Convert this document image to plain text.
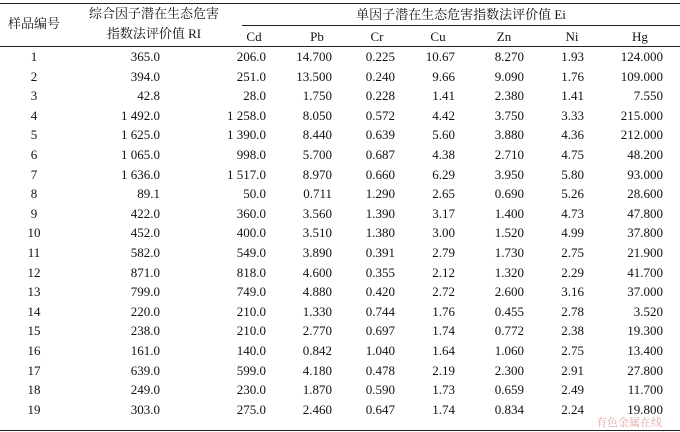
样品编号
综合因子潜在生态危害
指数法评价值 RI
单因子潜在生态危害指数法评价值 Ei
Cd	Pb	Cr	Cu	Zn	Ni	Hg
1	365.0	206.0	14.700	0.225	10.67	8.270	1.93	124.000
2	394.0	251.0	13.500	0.240	9.66	9.090	1.76	109.000
3	42.8	28.0	1.750	0.228	1.41	2.380	1.41	7.550
4	1 492.0	1 258.0	8.050	0.572	4.42	3.750	3.33	215.000
5	1 625.0	1 390.0	8.440	0.639	5.60	3.880	4.36	212.000
6	1 065.0	998.0	5.700	0.687	4.38	2.710	4.75	48.200
7	1 636.0	1 517.0	8.970	0.660	6.29	3.950	5.80	93.000
8	89.1	50.0	0.711	1.290	2.65	0.690	5.26	28.600
9	422.0	360.0	3.560	1.390	3.17	1.400	4.73	47.800
10	452.0	400.0	3.510	1.380	3.00	1.520	4.99	37.800
11	582.0	549.0	3.890	0.391	2.79	1.730	2.75	21.900
12	871.0	818.0	4.600	0.355	2.12	1.320	2.29	41.700
13	799.0	749.0	4.880	0.420	2.72	2.600	3.16	37.000
14	220.0	210.0	1.330	0.744	1.76	0.455	2.78	3.520
15	238.0	210.0	2.770	0.697	1.74	0.772	2.38	19.300
16	161.0	140.0	0.842	1.040	1.64	1.060	2.75	13.400
17	639.0	599.0	4.180	0.478	2.19	2.300	2.91	27.800
18	249.0	230.0	1.870	0.590	1.73	0.659	2.49	11.700
19	303.0	275.0	2.460	0.647	1.74	0.834	2.24	19.800
有色金属在线
